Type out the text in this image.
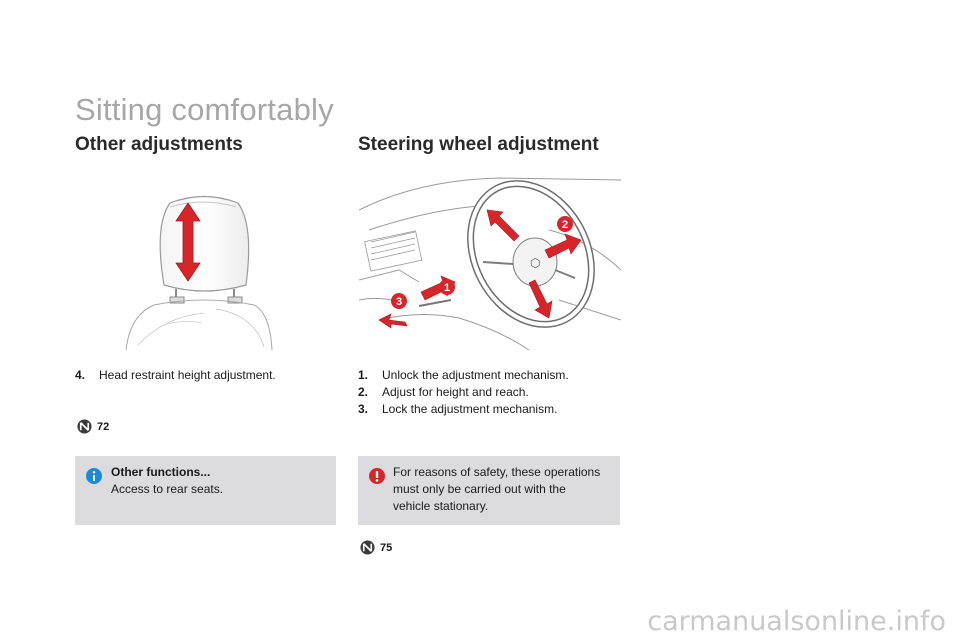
Sitting comfortably
Other adjustments	Steering wheel adjustment
⬡
1
2
3
4.	Head restraint height adjustment.	1.	Unlock the adjustment mechanism.
2.	Adjust for height and reach.
3.	Lock the adjustment mechanism.
72
Other functions...
Access to rear seats.
For reasons of safety, these operations must only be carried out with the vehicle stationary.
75
carmanualsonline.info
